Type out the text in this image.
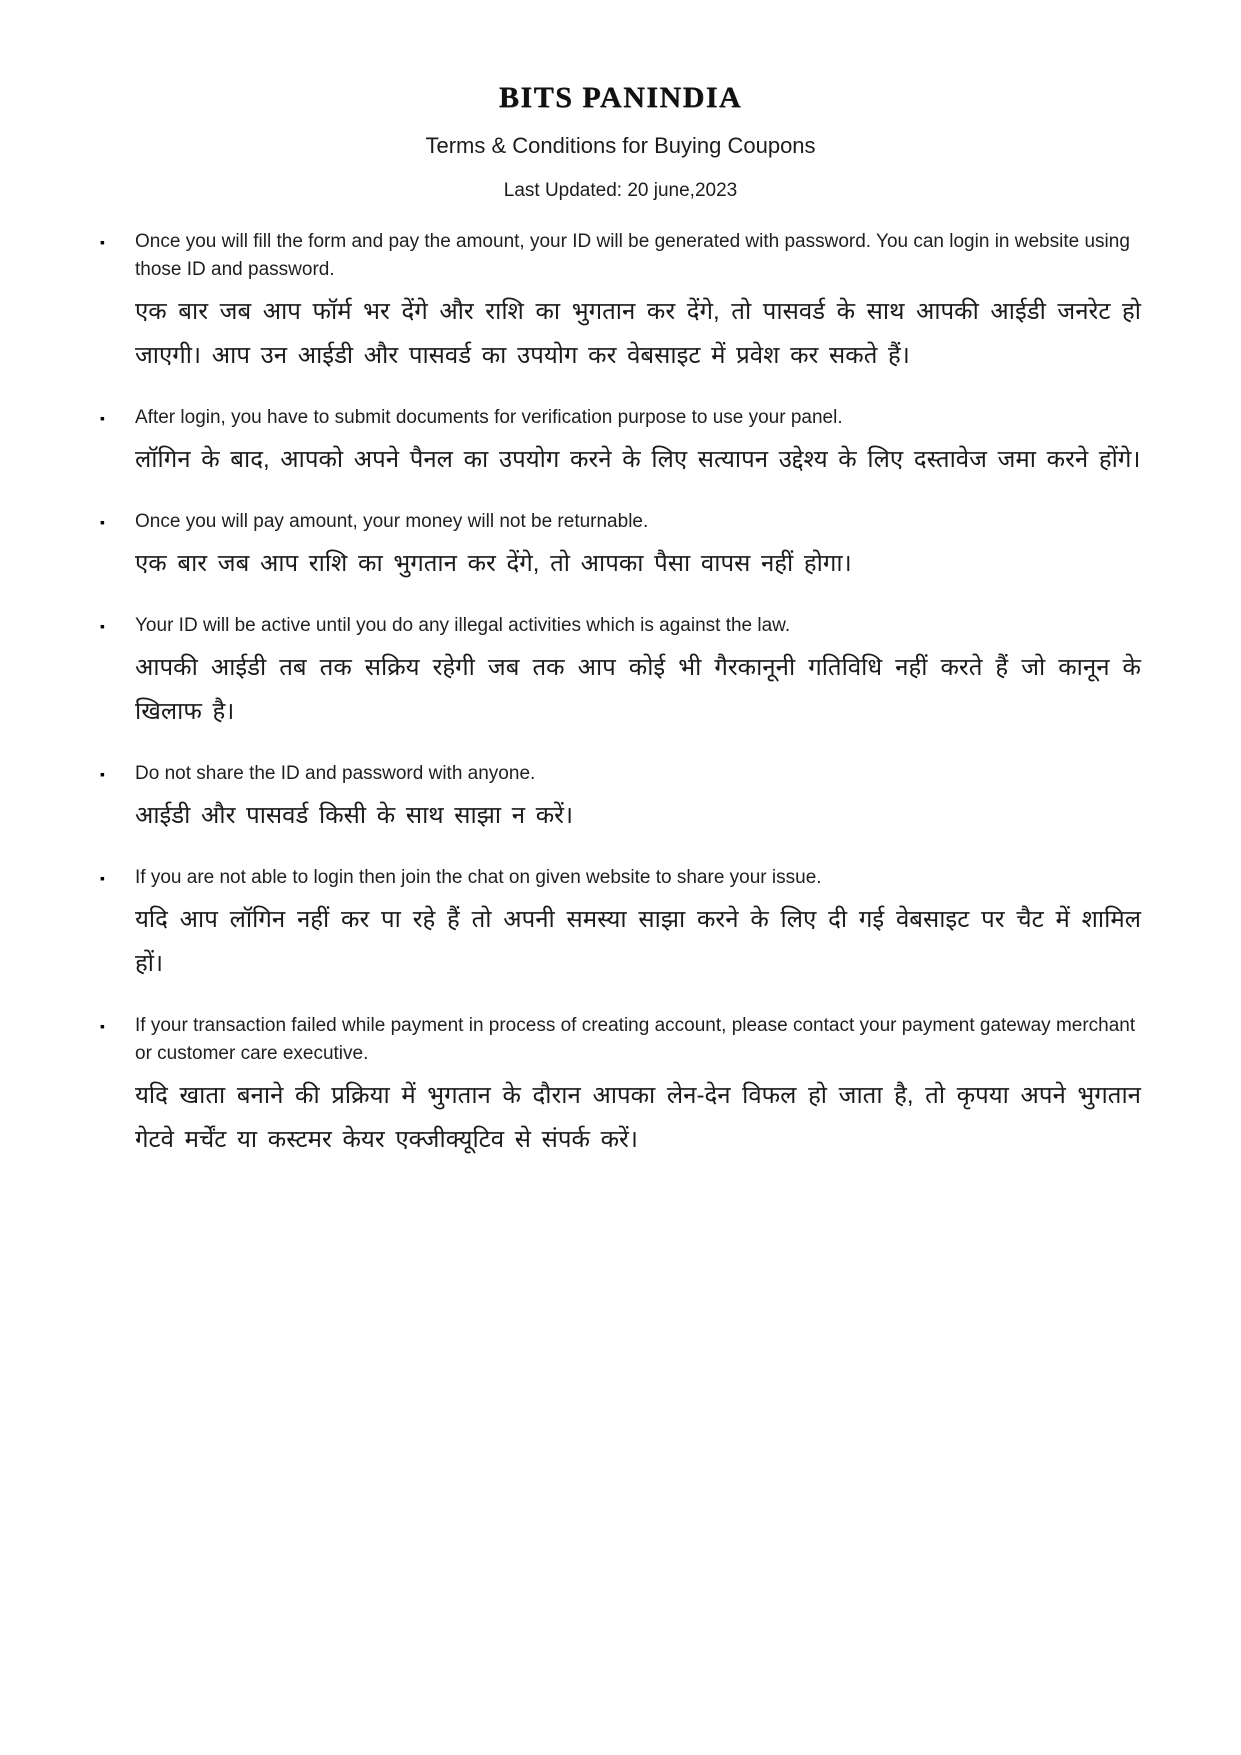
BITS PANINDIA
Terms & Conditions for Buying Coupons
Last Updated: 20 june,2023
▪	Once you will fill the form and pay the amount, your ID will be generated with password. You can login in website using those ID and password.

एक बार जब आप फॉर्म भर देंगे और राशि का भुगतान कर देंगे, तो पासवर्ड के साथ आपकी आईडी जनरेट हो जाएगी। आप उन आईडी और पासवर्ड का उपयोग कर वेबसाइट में प्रवेश कर सकते हैं।

▪	After login, you have to submit documents for verification purpose to use your panel.

लॉगिन के बाद, आपको अपने पैनल का उपयोग करने के लिए सत्यापन उद्देश्य के लिए दस्तावेज जमा करने होंगे।

▪	Once you will pay amount, your money will not be returnable.

एक बार जब आप राशि का भुगतान कर देंगे, तो आपका पैसा वापस नहीं होगा।

▪	Your ID will be active until you do any illegal activities which is against the law.

आपकी आईडी तब तक सक्रिय रहेगी जब तक आप कोई भी गैरकानूनी गतिविधि नहीं करते हैं जो कानून के खिलाफ है।

▪	Do not share the ID and password with anyone.

आईडी और पासवर्ड किसी के साथ साझा न करें।

▪	If you are not able to login then join the chat on given website to share your issue.

यदि आप लॉगिन नहीं कर पा रहे हैं तो अपनी समस्या साझा करने के लिए दी गई वेबसाइट पर चैट में शामिल हों।

▪	If your transaction failed while payment in process of creating account, please contact your payment gateway merchant or customer care executive.

यदि खाता बनाने की प्रक्रिया में भुगतान के दौरान आपका लेन-देन विफल हो जाता है, तो कृपया अपने भुगतान गेटवे मर्चेंट या कस्टमर केयर एक्जीक्यूटिव से संपर्क करें।
